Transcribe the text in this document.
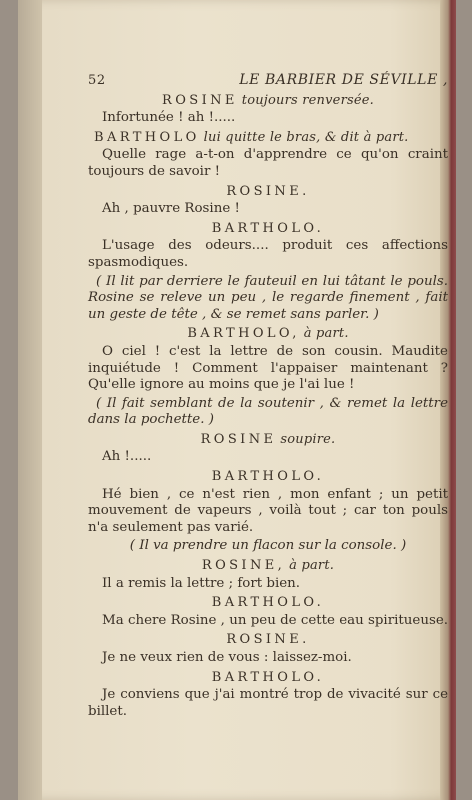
52	LE BARBIER DE SÉVILLE ,
ROSINE toujours renversée.

Infortunée ! ah !.....

BARTHOLO lui quitte le bras, & dit à part.

Quelle rage a-t-on d'apprendre ce qu'on craint toujours de savoir !

ROSINE.

Ah , pauvre Rosine !

BARTHOLO.

L'usage des odeurs.... produit ces affections spasmodiques.

( Il lit par derriere le fauteuil en lui tâtant le pouls. Rosine se releve un peu , le regarde finement , fait un geste de tête , & se remet sans parler. )

BARTHOLO, à part.

O ciel ! c'est la lettre de son cousin. Maudite inquiétude ! Comment l'appaiser maintenant ? Qu'elle ignore au moins que je l'ai lue !

( Il fait semblant de la soutenir , & remet la lettre dans la pochette. )

ROSINE soupire.

Ah !.....

BARTHOLO.

Hé bien , ce n'est rien , mon enfant ; un petit mouvement de vapeurs , voilà tout ; car ton pouls n'a seulement pas varié.

( Il va prendre un flacon sur la console. )

ROSINE, à part.

Il a remis la lettre ; fort bien.

BARTHOLO.

Ma chere Rosine , un peu de cette eau spiritueuse.

ROSINE.

Je ne veux rien de vous : laissez-moi.

BARTHOLO.

Je conviens que j'ai montré trop de vivacité sur ce billet.
